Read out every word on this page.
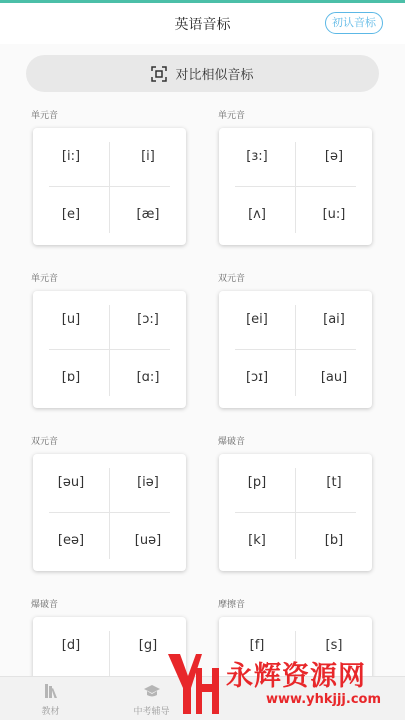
英语音标	初认音标
对比相似音标
单元音
[i:]	[i]
[e]	[æ]
单元音
[ɜ:]	[ə]
[ʌ]	[u:]
单元音
[u]	[ɔ:]
[ɒ]	[ɑ:]
双元音
[ei]	[ai]
[ɔɪ]	[au]
双元音
[əu]	[iə]
[eə]	[uə]
爆破音
[p]	[t]
[k]	[b]
爆破音
[d]	[g]
摩擦音
[f]	[s]
教材	中考辅导
永辉资源网
www.yhkjjj.com
